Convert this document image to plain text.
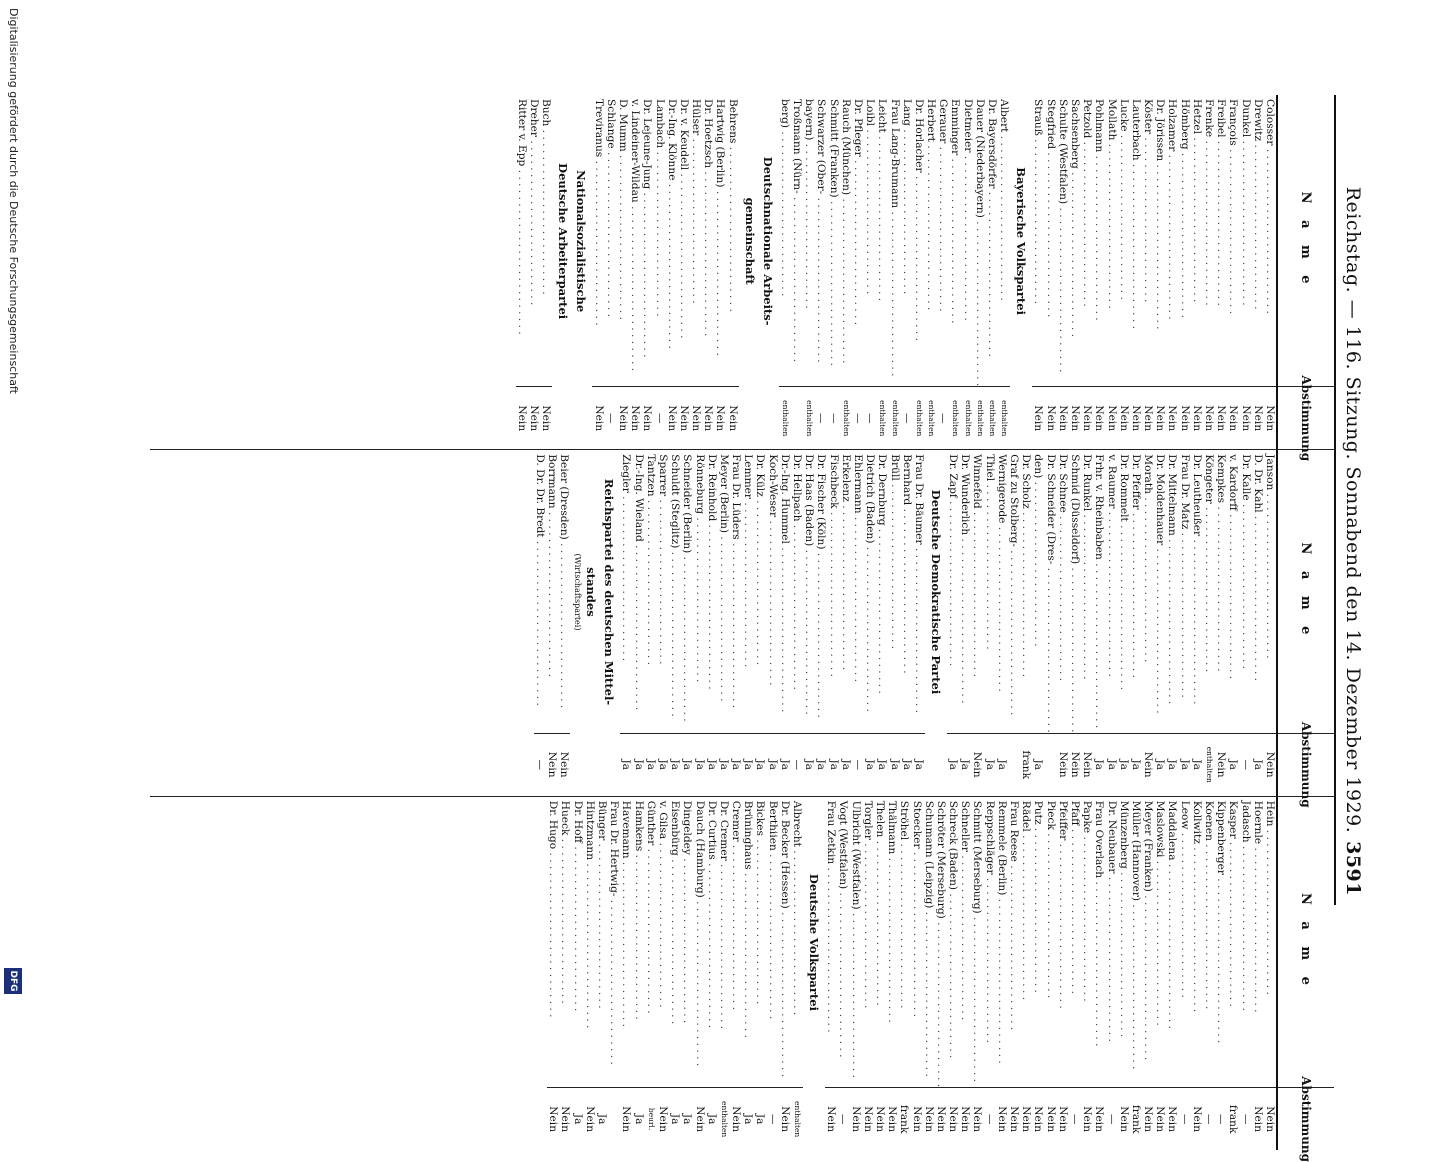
Reichstag. — 116. Sitzung. Sonnabend den 14. Dezember 1929.
3591
N a m e
Abstimmung
Colosser . . .
Nein
Drewitz . . .
Nein
Dunkel . . .
Nein
François . . .
Nein
Freibel . . .
Nein
Frenke . . .
Nein
Hetzel . . .
Nein
Hömberg . . .
Nein
Holzamer . . .
Nein
Dr. Jörissen . . .
Nein
Köster . . .
Nein
Lauterbach . . .
Nein
Lucke . . .
Nein
Mollath . . .
Nein
Pohlmann . . .
Nein
Petzold . . .
Nein
Sachsenberg . . .
Nein
Schulte (Westfalen) . . .
Nein
Stegfried . . .
Nein
Strauß . . .
Nein
Bayerische Volkspartei
Albert . . .
enthalten
Dr. Bayersdörfer . . .
enthalten
Dauer (Niederbayern) . . .
enthalten
Dietmeier . . .
enthalten
Emminger . . .
enthalten
Gerauer . . .
—
Herbert . . .
enthalten
Dr. Horlacher . . .
enthalten
Lang . . .
—
Frau Lang-Brumann . . .
enthalten
Leicht . . .
enthalten
Loibl . . .
—
Dr. Pfleger . . .
—
Rauch (München) . . .
enthalten
Schmitt (Franken) . . .
—
Schwarzer (Ober- . . .
—
bayern) . . .
enthalten
Troßmann (Nürn- . . .
berg) . . .
enthalten
Deutschnationale Arbeits-
gemeinschaft
Behrens . . .
Nein
Hartwig (Berlin) . . .
Nein
Dr. Hoetzsch . . .
Nein
Hülser . . .
Nein
Dr. v. Keudell . . .
Nein
Dr.-Ing. Klönne . . .
Nein
Lambach . . .
—
Dr. Lejeune-Jung . . .
Nein
v. Lindeiner-Wildau . . .
Nein
D. Mumm . . .
Nein
Schlange . . .
—
Treviranus . . .
Nein
Nationalsozialistische
Deutsche Arbeiterpartei
Buch . . .
Nein
Dreher . . .
Nein
Ritter v. Epp . . .
Nein
N a m e
Abstimmung
Janson . . .
Nein
D. Dr. Kahl . . .
Ja
Dr. Kalle . . .
—
v. Kardorff . . .
Ja
Kempkes . . .
Nein
Köngeter . . .
enthalten
Dr. Leutheußer . . .
Ja
Frau Dr. Matz . . .
Ja
Dr. Mittelmann . . .
Ja
Dr. Moldenhauer . . .
Ja
Morath . . .
Nein
Dr. Pfeffer . . .
Ja
Dr. Rommelt . . .
Ja
v. Raumer . . .
Ja
Frhr. v. Rheinbaben . . .
Ja
Dr. Runkel . . .
Nein
Schmid (Düsseldorf) . . .
Nein
Dr. Schnee . . .
Nein
Dr. Schneider (Dres- . . .
den) . . .
Ja
Dr. Scholz . . .
frank
Graf zu Stolberg- . . .
Wernigerode . . .
Ja
Thiel . . .
Ja
Winnefeld . . .
Nein
Dr. Wunderlich . . .
Ja
Dr. Zapf . . .
Ja
Deutsche Demokratische Partei
Frau Dr. Bäumer . . .
Ja
Bernhard . . .
Ja
Brüll . . .
Ja
Dr. Dernburg . . .
Ja
Dietrich (Baden) . . .
Ja
Ehlermann . . .
—
Erkelenz . . .
Ja
Fischbeck . . .
Ja
Dr. Fischer (Köln) . . .
Ja
Dr. Haas (Baden) . . .
Ja
Dr. Hellpach . . .
—
Dr.-Ing. Hummel . . .
Ja
Koch-Weser . . .
Ja
Dr. Külz . . .
Ja
Lemmer . . .
Ja
Frau Dr. Lüders . . .
Ja
Meyer (Berlin) . . .
Ja
Dr. Reinhold . . .
Ja
Rönneburg . . .
Ja
Schneider (Berlin) . . .
Ja
Schuldt (Steglitz) . . .
Ja
Sparrer . . .
Ja
Tantzen . . .
Ja
Dr.-Ing. Wieland . . .
Ja
Ziegler . . .
Ja
Reichspartei des deutschen Mittel-
standes
(Wirtschaftspartei)
Beier (Dresden) . . .
Nein
Borrmann . . .
Nein
D. Dr. Dr. Bredt . . .
—
N a m e
Abstimmung
Hein . . .
Nein
Hoernle . . .
Nein
Jadasch . . .
—
Kasper . . .
frank
Kippenberger . . .
—
Koenen . . .
—
Kollwitz . . .
Nein
Leow . . .
—
Maddalena . . .
Nein
Maslowski . . .
Nein
Meyer (Franken) . . .
Nein
Müller (Hannover) . . .
frank
Münzenberg . . .
Nein
Dr. Neubauer . . .
—
Frau Overlach . . .
Nein
Papke . . .
Nein
Pfaff . . .
—
Pfeiffer . . .
Nein
Pieck . . .
Nein
Putz . . .
Nein
Rädel . . .
Nein
Frau Reese . . .
Nein
Remmele (Berlin) . . .
Nein
Reppschläger . . .
—
Schmitt (Merseburg) . . .
Nein
Schneller . . .
Nein
Schreck (Baden) . . .
Nein
Schröter (Merseburg) . . .
Nein
Schumann (Leipzig) . . .
Nein
Stoecker . . .
Nein
Ströhel . . .
frank
Thälmann . . .
Nein
Thelen . . .
Nein
Torgler . . .
Nein
Ulbricht (Westfalen) . . .
Nein
Vogt (Westfalen) . . .
—
Frau Zetkin . . .
Nein
Deutsche Volkspartei
Albrecht . . .
enthalten
Dr. Becker (Hessen) . . .
Nein
Berthiien . . .
—
Bickes . . .
Ja
Brüninghaus . . .
Ja
Cremer . . .
Nein
Dr. Cremer . . .
enthalten
Dr. Curtius . . .
Ja
Dauch (Hamburg) . . .
Nein
Dingeldey . . .
Ja
Eisenbürg . . .
Ja
v. Gilsa . . .
Nein
Günther . . .
beurl.
Hamkens . . .
Ja
Havemann . . .
Nein
Frau Dr. Hertwig- . . .
Bünger . . .
Ja
Hintzmann . . .
Nein
Dr. Hoff . . .
Ja
Hueck . . .
Nein
Dr. Hugo . . .
Nein
Digitalisierung gefördert durch die Deutsche Forschungsgemeinschaft
DFG
